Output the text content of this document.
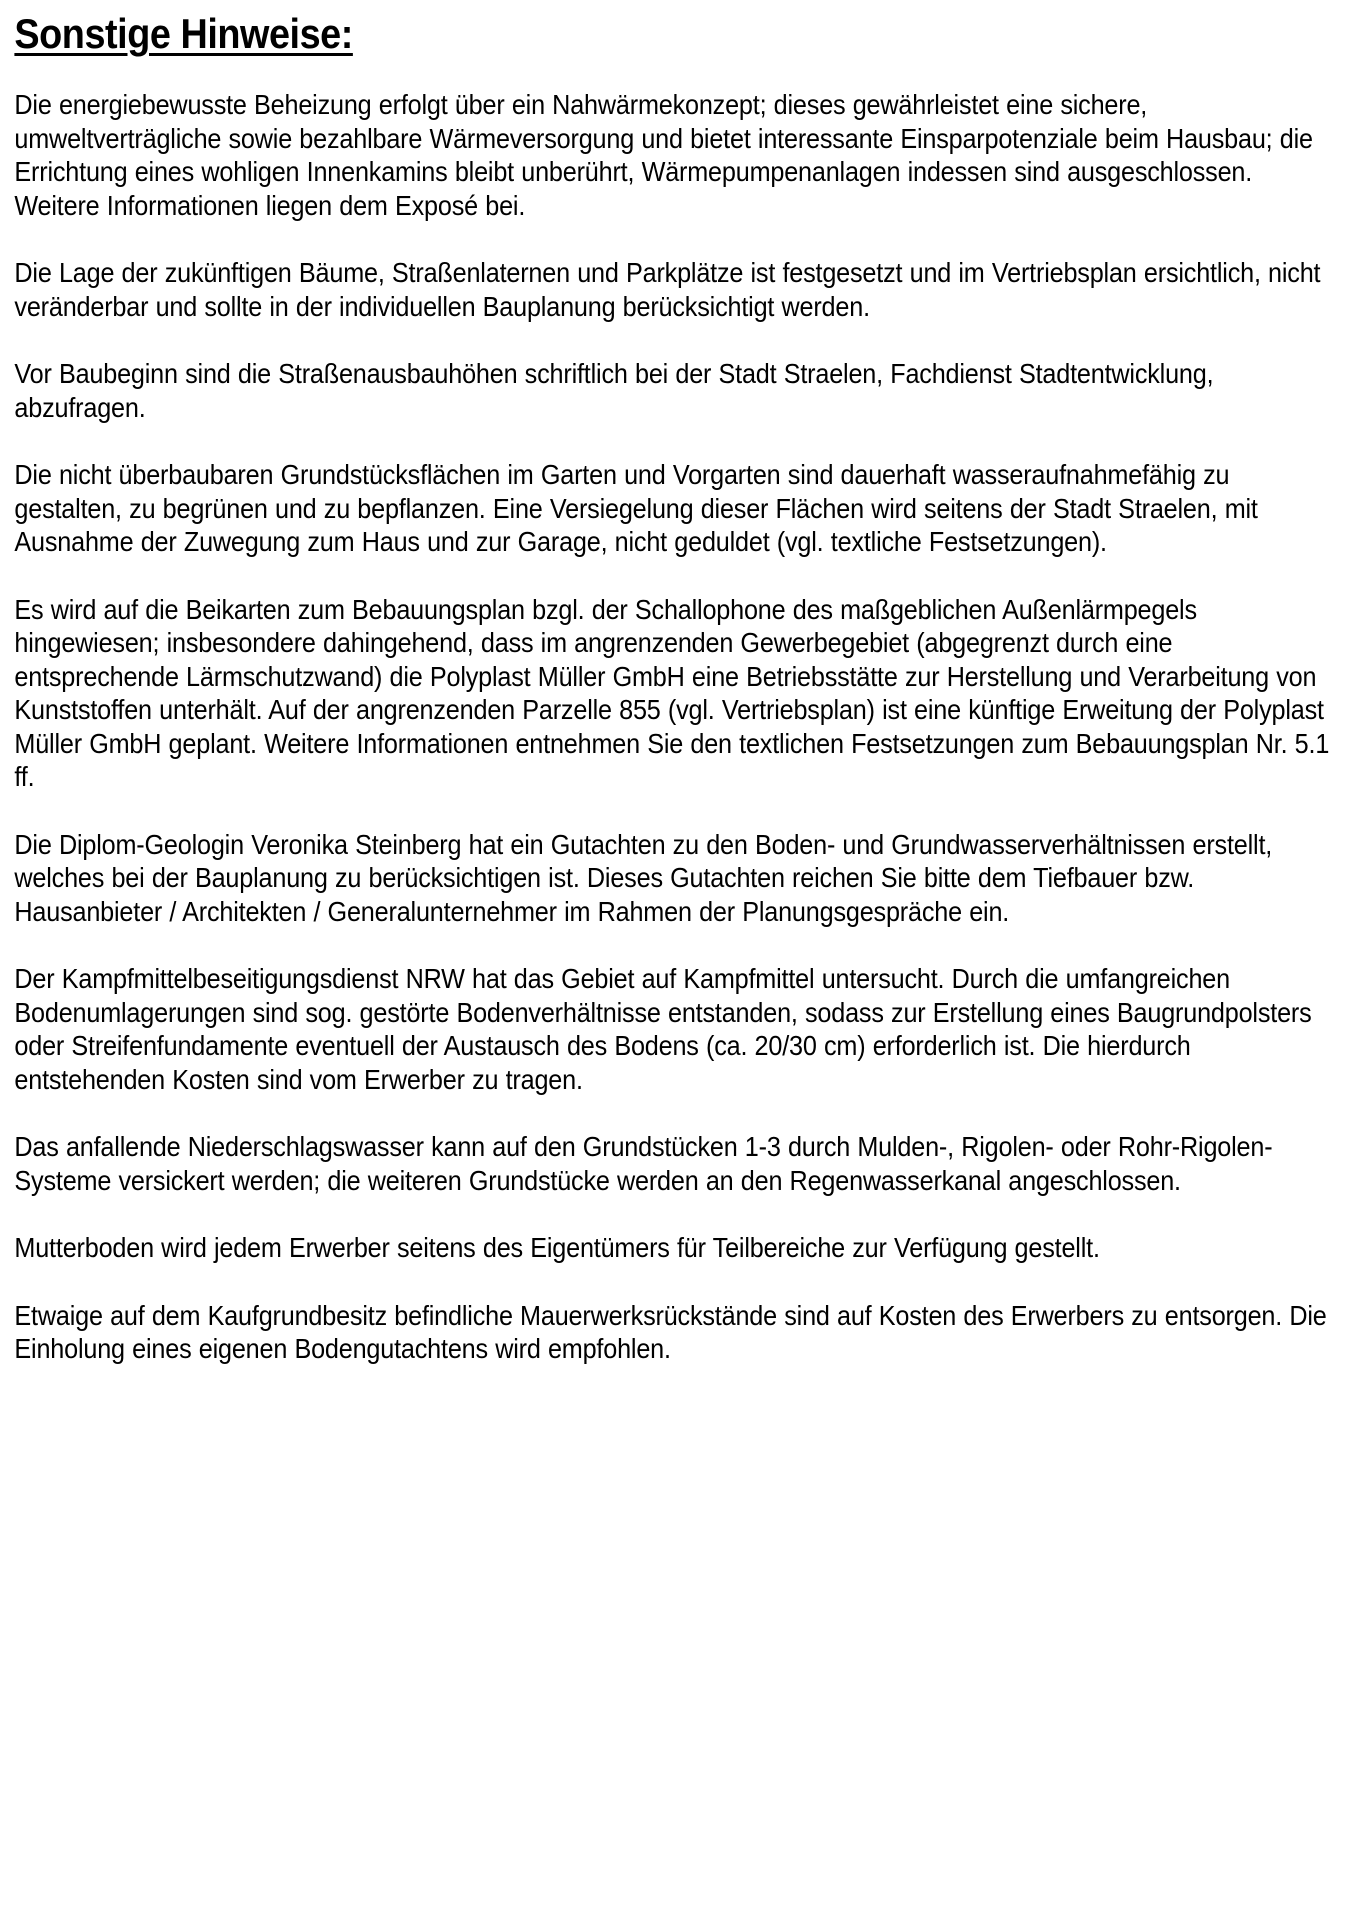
Sonstige Hinweise:

Die energiebewusste Beheizung erfolgt über ein Nahwärmekonzept; dieses gewährleistet eine sichere, umweltverträgliche sowie bezahlbare Wärmeversorgung und bietet interessante Einsparpotenziale beim Hausbau; die Errichtung eines wohligen Innenkamins bleibt unberührt, Wärmepumpenanlagen indessen sind ausgeschlossen. Weitere Informationen liegen dem Exposé bei.

Die Lage der zukünftigen Bäume, Straßenlaternen und Parkplätze ist festgesetzt und im Vertriebsplan ersichtlich, nicht veränderbar und sollte in der individuellen Bauplanung berücksichtigt werden.

Vor Baubeginn sind die Straßenausbauhöhen schriftlich bei der Stadt Straelen, Fachdienst Stadtentwicklung, abzufragen.

Die nicht überbaubaren Grundstücksflächen im Garten und Vorgarten sind dauerhaft wasseraufnahmefähig zu gestalten, zu begrünen und zu bepflanzen. Eine Versiegelung dieser Flächen wird seitens der Stadt Straelen, mit Ausnahme der Zuwegung zum Haus und zur Garage, nicht geduldet (vgl. textliche Festsetzungen).

Es wird auf die Beikarten zum Bebauungsplan bzgl. der Schallophone des maßgeblichen Außenlärmpegels hingewiesen; insbesondere dahingehend, dass im angrenzenden Gewerbegebiet (abgegrenzt durch eine entsprechende Lärmschutzwand) die Polyplast Müller GmbH eine Betriebsstätte zur Herstellung und Verarbeitung von Kunststoffen unterhält. Auf der angrenzenden Parzelle 855 (vgl. Vertriebsplan) ist eine künftige Erweitung der Polyplast Müller GmbH geplant. Weitere Informationen entnehmen Sie den textlichen Festsetzungen zum Bebauungsplan Nr. 5.1 ff.

Die Diplom-Geologin Veronika Steinberg hat ein Gutachten zu den Boden- und Grundwasserverhältnissen erstellt, welches bei der Bauplanung zu berücksichtigen ist. Dieses Gutachten reichen Sie bitte dem Tiefbauer bzw. Hausanbieter / Architekten / Generalunternehmer im Rahmen der Planungsgespräche ein.

Der Kampfmittelbeseitigungsdienst NRW hat das Gebiet auf Kampfmittel untersucht. Durch die umfangreichen Bodenumlagerungen sind sog. gestörte Bodenverhältnisse entstanden, sodass zur Erstellung eines Baugrundpolsters oder Streifenfundamente eventuell der Austausch des Bodens (ca. 20/30 cm) erforderlich ist. Die hierdurch entstehenden Kosten sind vom Erwerber zu tragen.

Das anfallende Niederschlagswasser kann auf den Grundstücken 1-3 durch Mulden-, Rigolen- oder Rohr-Rigolen-Systeme versickert werden; die weiteren Grundstücke werden an den Regenwasserkanal angeschlossen.

Mutterboden wird jedem Erwerber seitens des Eigentümers für Teilbereiche zur Verfügung gestellt.

Etwaige auf dem Kaufgrundbesitz befindliche Mauerwerksrückstände sind auf Kosten des Erwerbers zu entsorgen. Die Einholung eines eigenen Bodengutachtens wird empfohlen.
